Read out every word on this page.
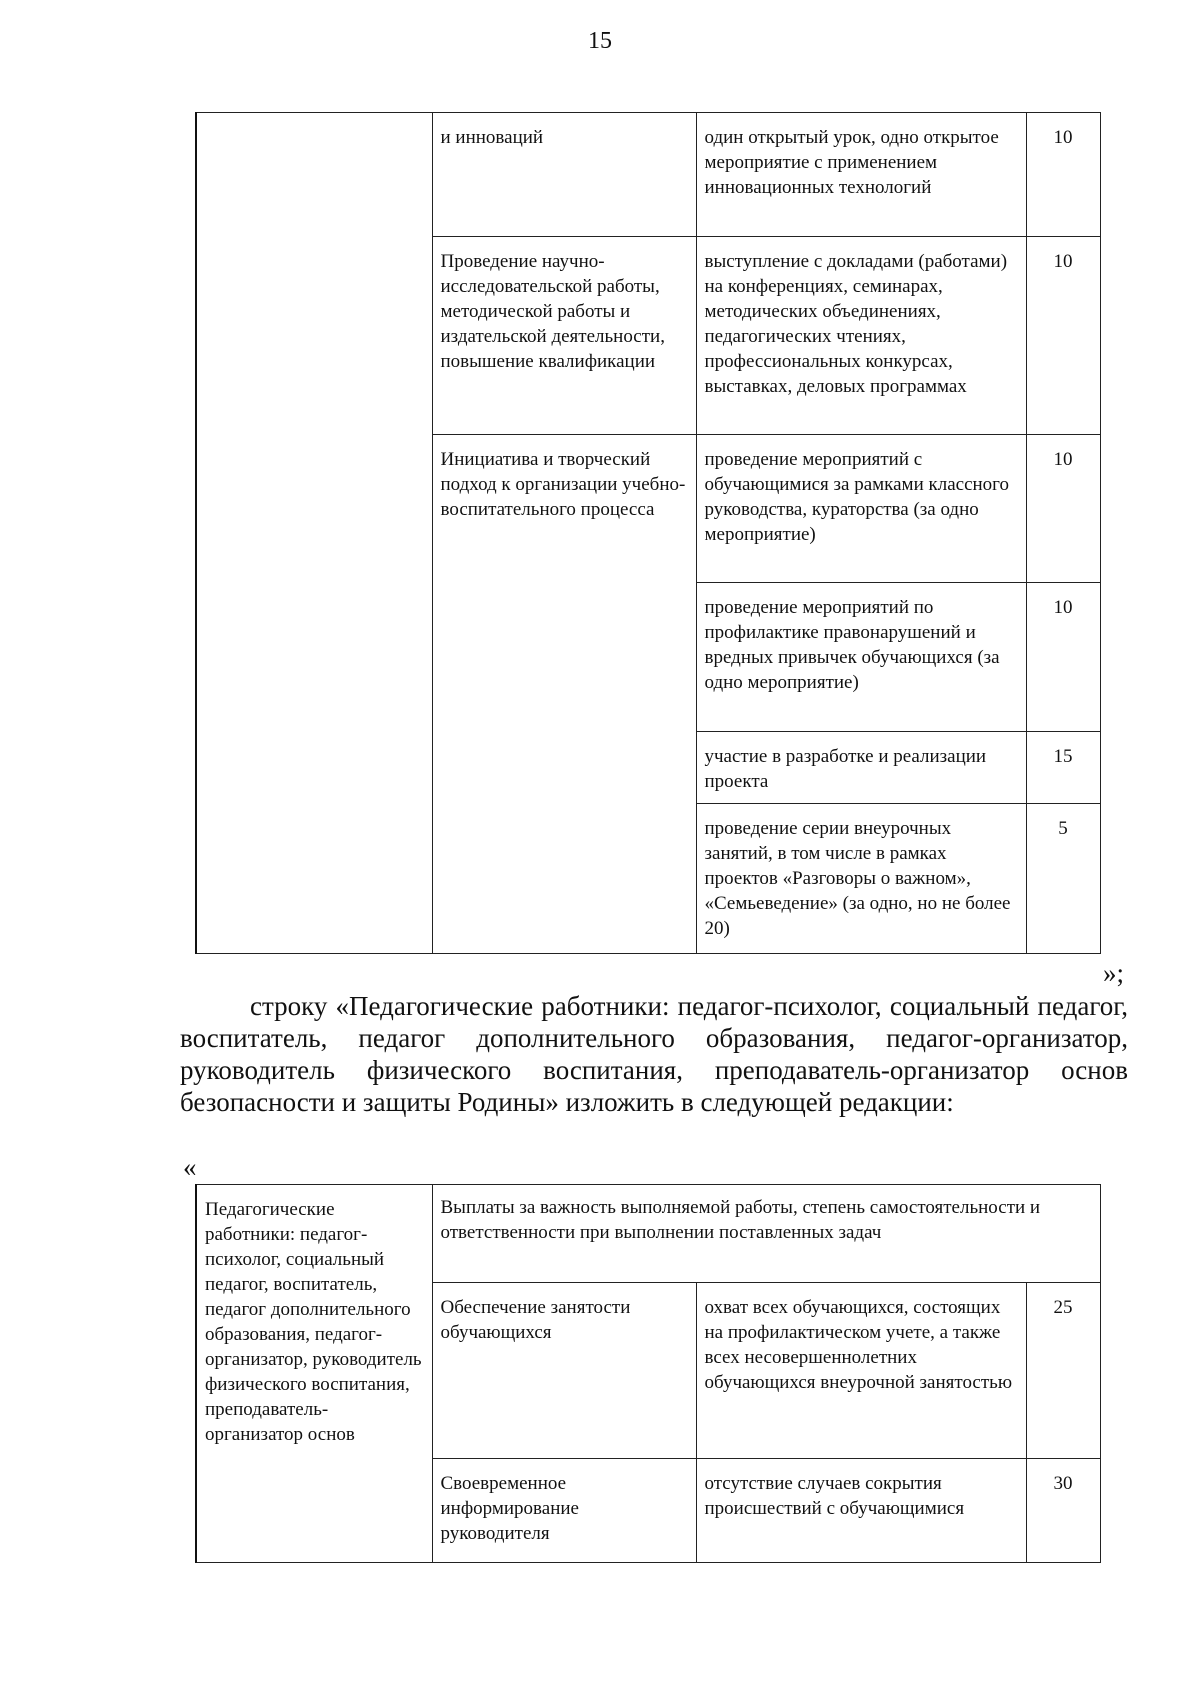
15
	и инноваций	один открытый урок, одно открытое мероприятие с применением инновационных технологий	10
	Проведение научно-исследовательской работы, методической работы и издательской деятельности, повышение квалификации	выступление с докладами (работами) на конференциях, семинарах, методических объединениях, педагогических чтениях, профессиональных конкурсах, выставках, деловых программах	10
	Инициатива и творческий подход к организации учебно-воспитательного процесса	проведение мероприятий с обучающимися за рамками классного руководства, кураторства (за одно мероприятие)	10
		проведение мероприятий по профилактике правонарушений и вредных привычек обучающихся (за одно мероприятие)	10
		участие в разработке и реализации проекта	15
		проведение серии внеурочных занятий, в том числе в рамках проектов «Разговоры о важном», «Семьеведение» (за одно, но не более 20)	5
»;

строку «Педагогические работники: педагог-психолог, социальный педагог, воспитатель, педагог дополнительного образования, педагог-организатор, руководитель физического воспитания, преподаватель-организатор основ безопасности и защиты Родины» изложить в следующей редакции:

«
Педагогические работники: педагог-психолог, социальный педагог, воспитатель, педагог дополнительного образования, педагог-организатор, руководитель физического воспитания, преподаватель-организатор основ	Выплаты за важность выполняемой работы, степень самостоятельности и ответственности при выполнении поставленных задач		
	Обеспечение занятости обучающихся	охват всех обучающихся, состоящих на профилактическом учете, а также всех несовершеннолетних обучающихся внеурочной занятостью	25
	Своевременное информирование руководителя	отсутствие случаев сокрытия происшествий с обучающимися	30
